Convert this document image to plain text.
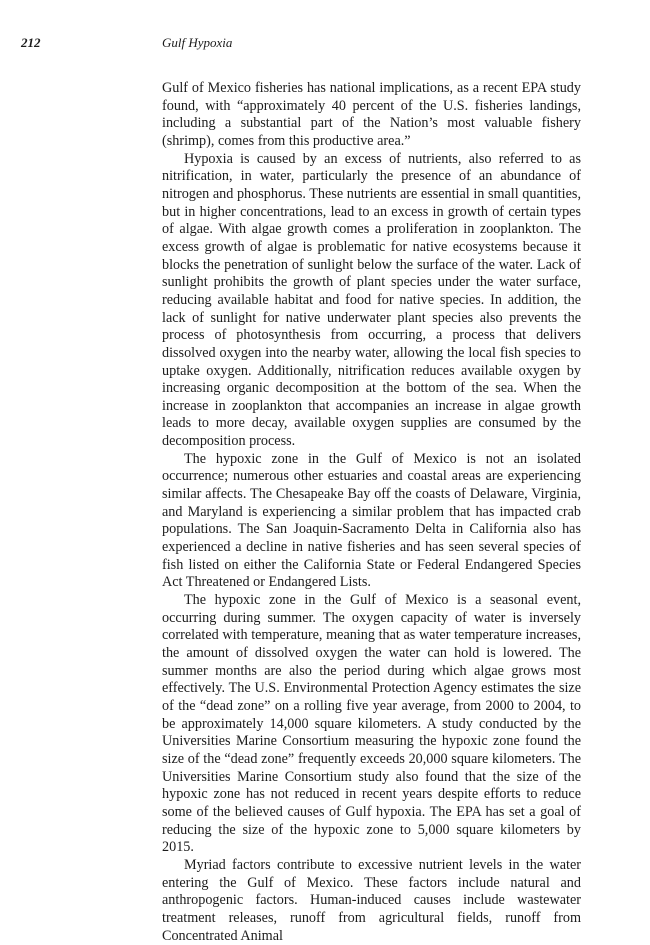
212	Gulf Hypoxia

Gulf of Mexico fisheries has national implications, as a recent EPA study found, with “approximately 40 percent of the U.S. fisheries landings, including a substantial part of the Nation’s most valuable fishery (shrimp), comes from this productive area.”

Hypoxia is caused by an excess of nutrients, also referred to as nitrification, in water, particularly the presence of an abundance of nitrogen and phosphorus. These nutrients are essential in small quantities, but in higher concentrations, lead to an excess in growth of certain types of algae. With algae growth comes a proliferation in zooplankton. The excess growth of algae is problematic for native ecosystems because it blocks the penetration of sunlight below the surface of the water. Lack of sunlight prohibits the growth of plant species under the water surface, reducing available habitat and food for native species. In addition, the lack of sunlight for native underwater plant species also prevents the process of photosynthesis from occurring, a process that delivers dissolved oxygen into the nearby water, allowing the local fish species to uptake oxygen. Additionally, nitrification reduces available oxygen by increasing organic decomposition at the bottom of the sea. When the increase in zooplankton that accompanies an increase in algae growth leads to more decay, available oxygen supplies are consumed by the decomposition process.

The hypoxic zone in the Gulf of Mexico is not an isolated occurrence; numerous other estuaries and coastal areas are experiencing similar affects. The Chesapeake Bay off the coasts of Delaware, Virginia, and Maryland is experiencing a similar problem that has impacted crab populations. The San Joaquin-Sacramento Delta in California also has experienced a decline in native fisheries and has seen several species of fish listed on either the California State or Federal Endangered Species Act Threatened or Endangered Lists.

The hypoxic zone in the Gulf of Mexico is a seasonal event, occurring during summer. The oxygen capacity of water is inversely correlated with temperature, meaning that as water temperature increases, the amount of dissolved oxygen the water can hold is lowered. The summer months are also the period during which algae grows most effectively. The U.S. Environmental Protection Agency estimates the size of the “dead zone” on a rolling five year average, from 2000 to 2004, to be approximately 14,000 square kilometers. A study conducted by the Universities Marine Consortium measuring the hypoxic zone found the size of the “dead zone” frequently exceeds 20,000 square kilometers. The Universities Marine Consortium study also found that the size of the hypoxic zone has not reduced in recent years despite efforts to reduce some of the believed causes of Gulf hypoxia. The EPA has set a goal of reducing the size of the hypoxic zone to 5,000 square kilometers by 2015.

Myriad factors contribute to excessive nutrient levels in the water entering the Gulf of Mexico. These factors include natural and anthropogenic factors. Human-induced causes include wastewater treatment releases, runoff from agricultural fields, runoff from Concentrated Animal
